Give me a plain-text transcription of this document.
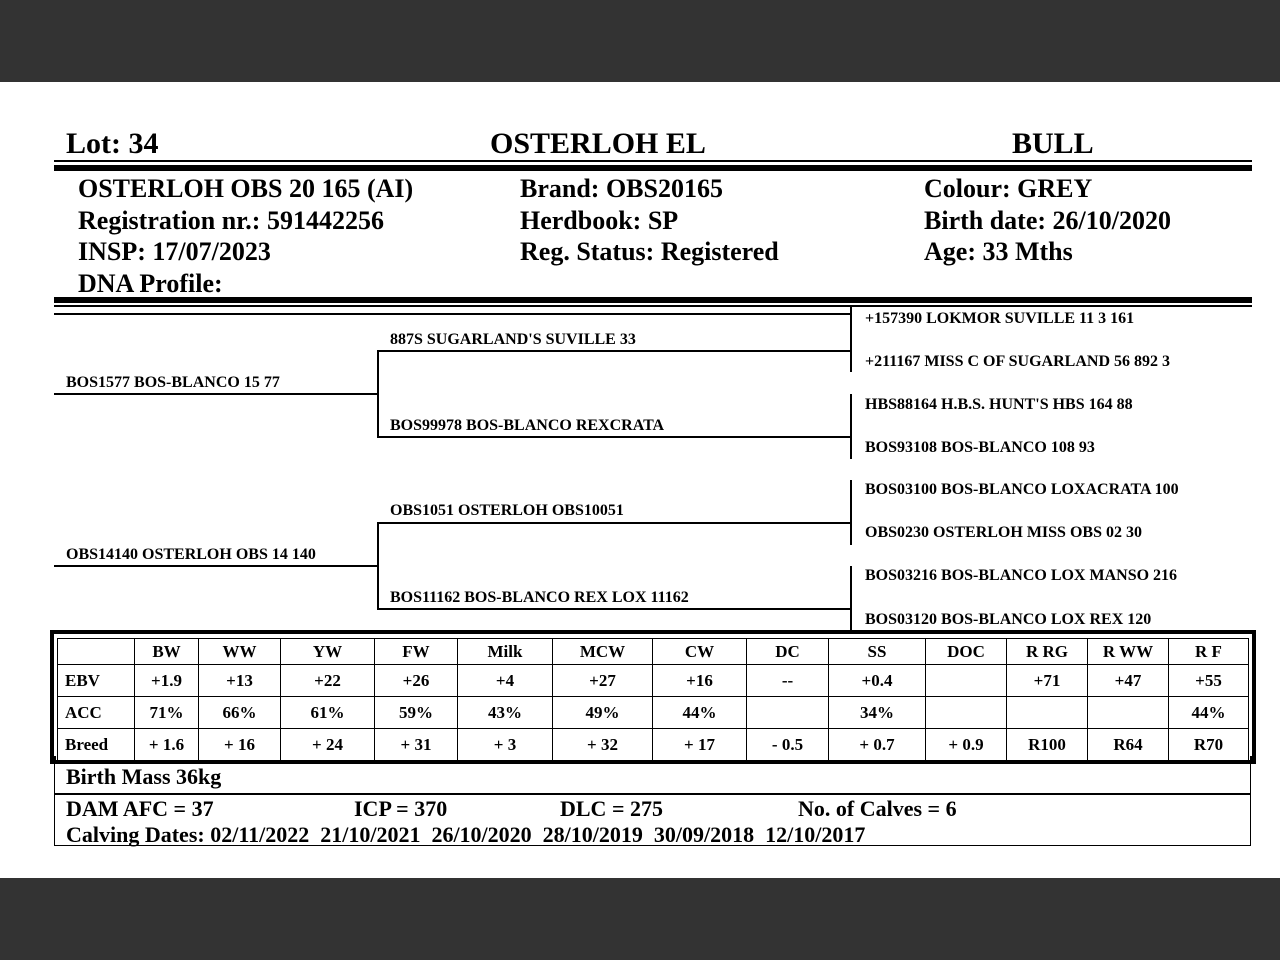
Lot: 34	OSTERLOH EL	BULL
OSTERLOH OBS 20 165 (AI)
Registration nr.: 591442256
INSP: 17/07/2023
DNA Profile:
Brand: OBS20165
Herdbook: SP
Reg. Status: Registered
Colour: GREY
Birth date: 26/10/2020
Age: 33 Mths
BOS1577 BOS-BLANCO 15 77
OBS14140 OSTERLOH OBS 14 140
887S SUGARLAND'S SUVILLE 33
BOS99978 BOS-BLANCO REXCRATA
OBS1051 OSTERLOH OBS10051
BOS11162 BOS-BLANCO REX LOX 11162
+157390 LOKMOR SUVILLE 11 3 161
+211167 MISS C OF SUGARLAND 56 892 3
HBS88164 H.B.S. HUNT'S HBS 164 88
BOS93108 BOS-BLANCO 108 93
BOS03100 BOS-BLANCO LOXACRATA 100
OBS0230 OSTERLOH MISS OBS 02 30
BOS03216 BOS-BLANCO LOX MANSO 216
BOS03120 BOS-BLANCO LOX REX 120
	BW	WW	YW	FW	Milk	MCW	CW	DC	SS	DOC	R RG	R WW	R F
EBV	+1.9	+13	+22	+26	+4	+27	+16	--	+0.4		+71	+47	+55
ACC	71%	66%	61%	59%	43%	49%	44%		34%				44%
Breed	+ 1.6	+ 16	+ 24	+ 31	+ 3	+ 32	+ 17	- 0.5	+ 0.7	+ 0.9	R100	R64	R70
Birth Mass 36kg
DAM AFC = 37	ICP = 370	DLC = 275	No. of Calves = 6
Calving Dates: 02/11/2022  21/10/2021  26/10/2020  28/10/2019  30/09/2018  12/10/2017
